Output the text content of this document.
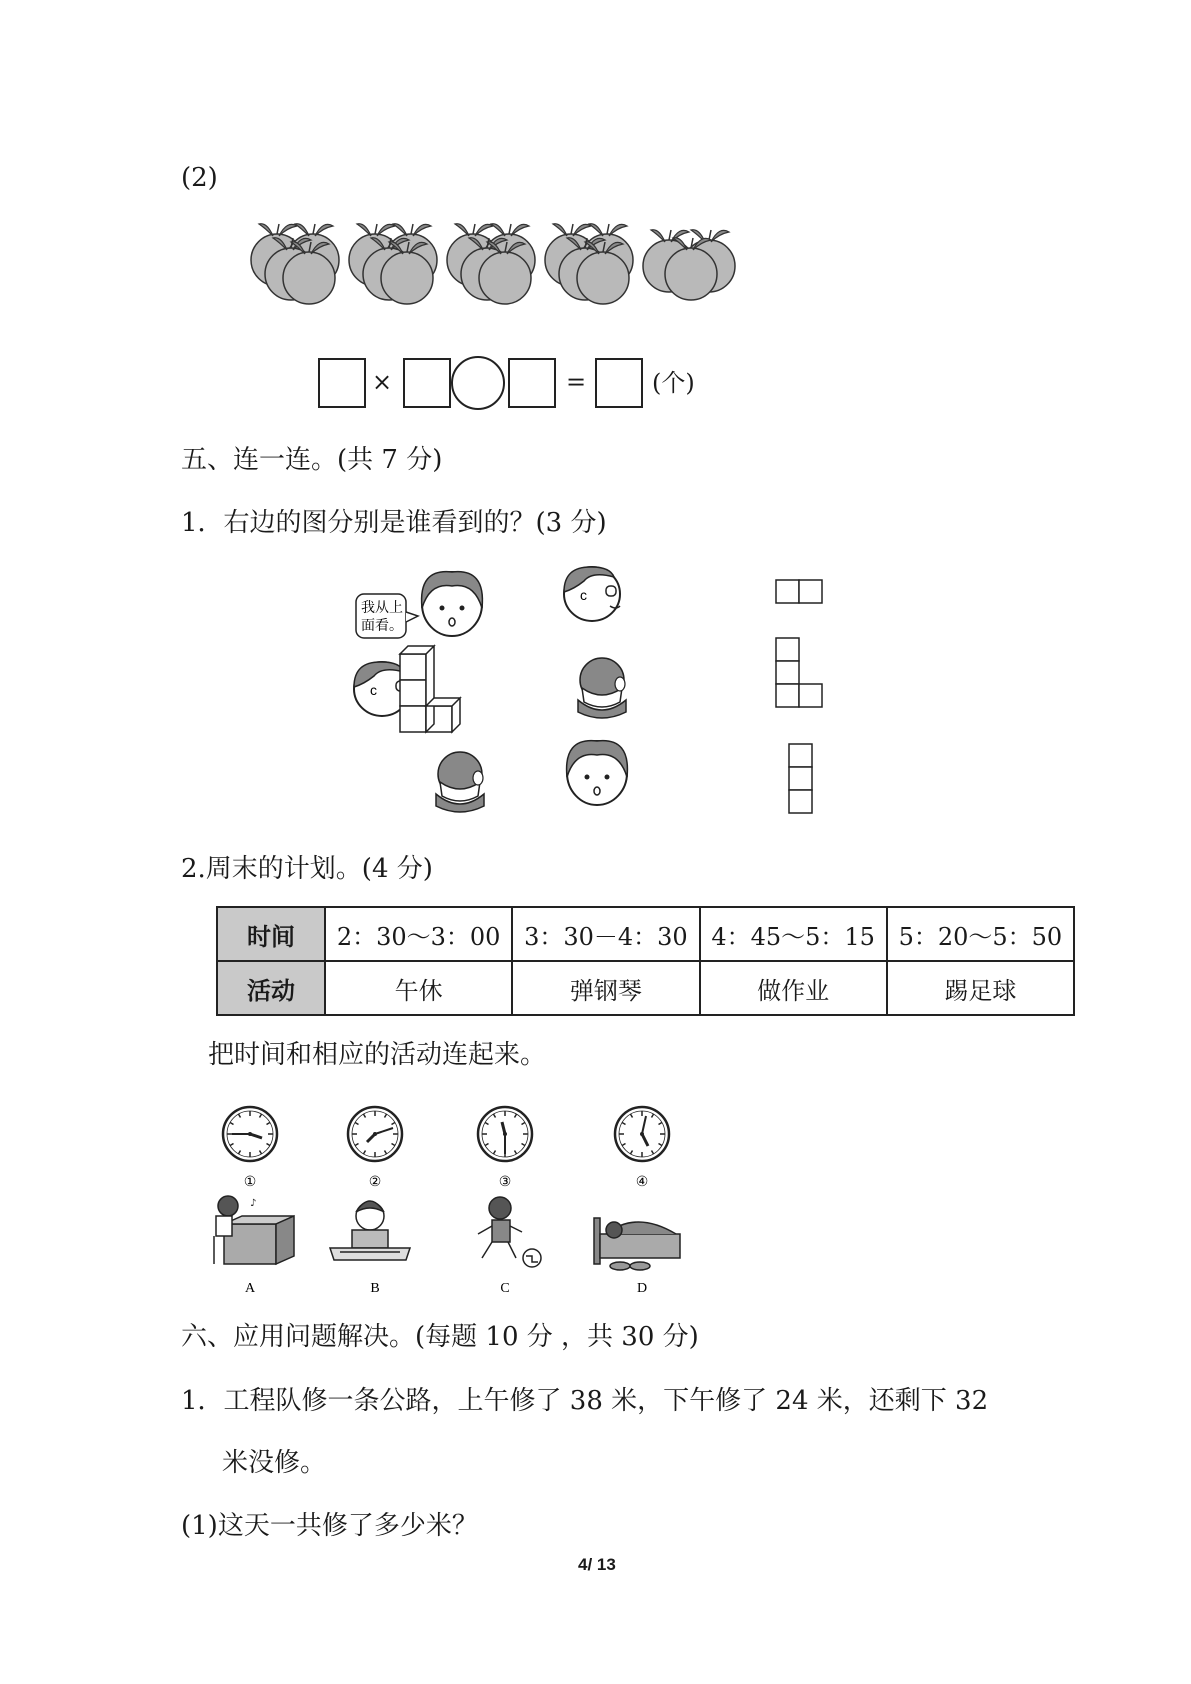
(2)
×	=	(个)
五、连一连。(共 7 分)
1．右边的图分别是谁看到的？(3 分)
c
我从上
面看。
2.周末的计划。(4 分)
时间	2：30～3：00	3：30－4：30	4：45～5：15	5：20～5：50
活动	午休	弹钢琴	做作业	踢足球
把时间和相应的活动连起来。
①	②	③	④
♪
A	B	C	D
六、应用问题解决。(每题 10 分 ，共 30 分)
1．工程队修一条公路，上午修了 38 米，下午修了 24 米，还剩下 32
米没修。
(1)这天一共修了多少米？
4/ 13
